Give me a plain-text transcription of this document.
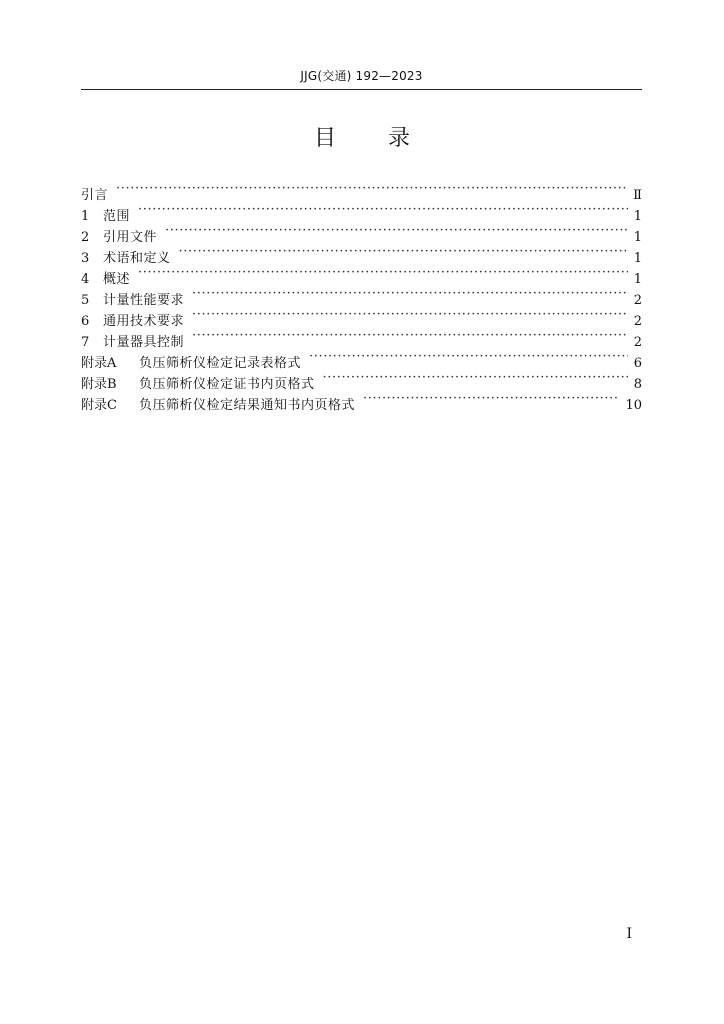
JJG(交通) 192—2023
目录
引言 ·····	Ⅱ
1	范围 ·····	1
2	引用文件 ·····	1
3	术语和定义 ·····	1
4	概述 ·····	1
5	计量性能要求 ·····	2
6	通用技术要求 ·····	2
7	计量器具控制 ·····	2
附录A	负压筛析仪检定记录表格式 ·····	6
附录B	负压筛析仪检定证书内页格式 ·····	8
附录C	负压筛析仪检定结果通知书内页格式 ·····	10
I
